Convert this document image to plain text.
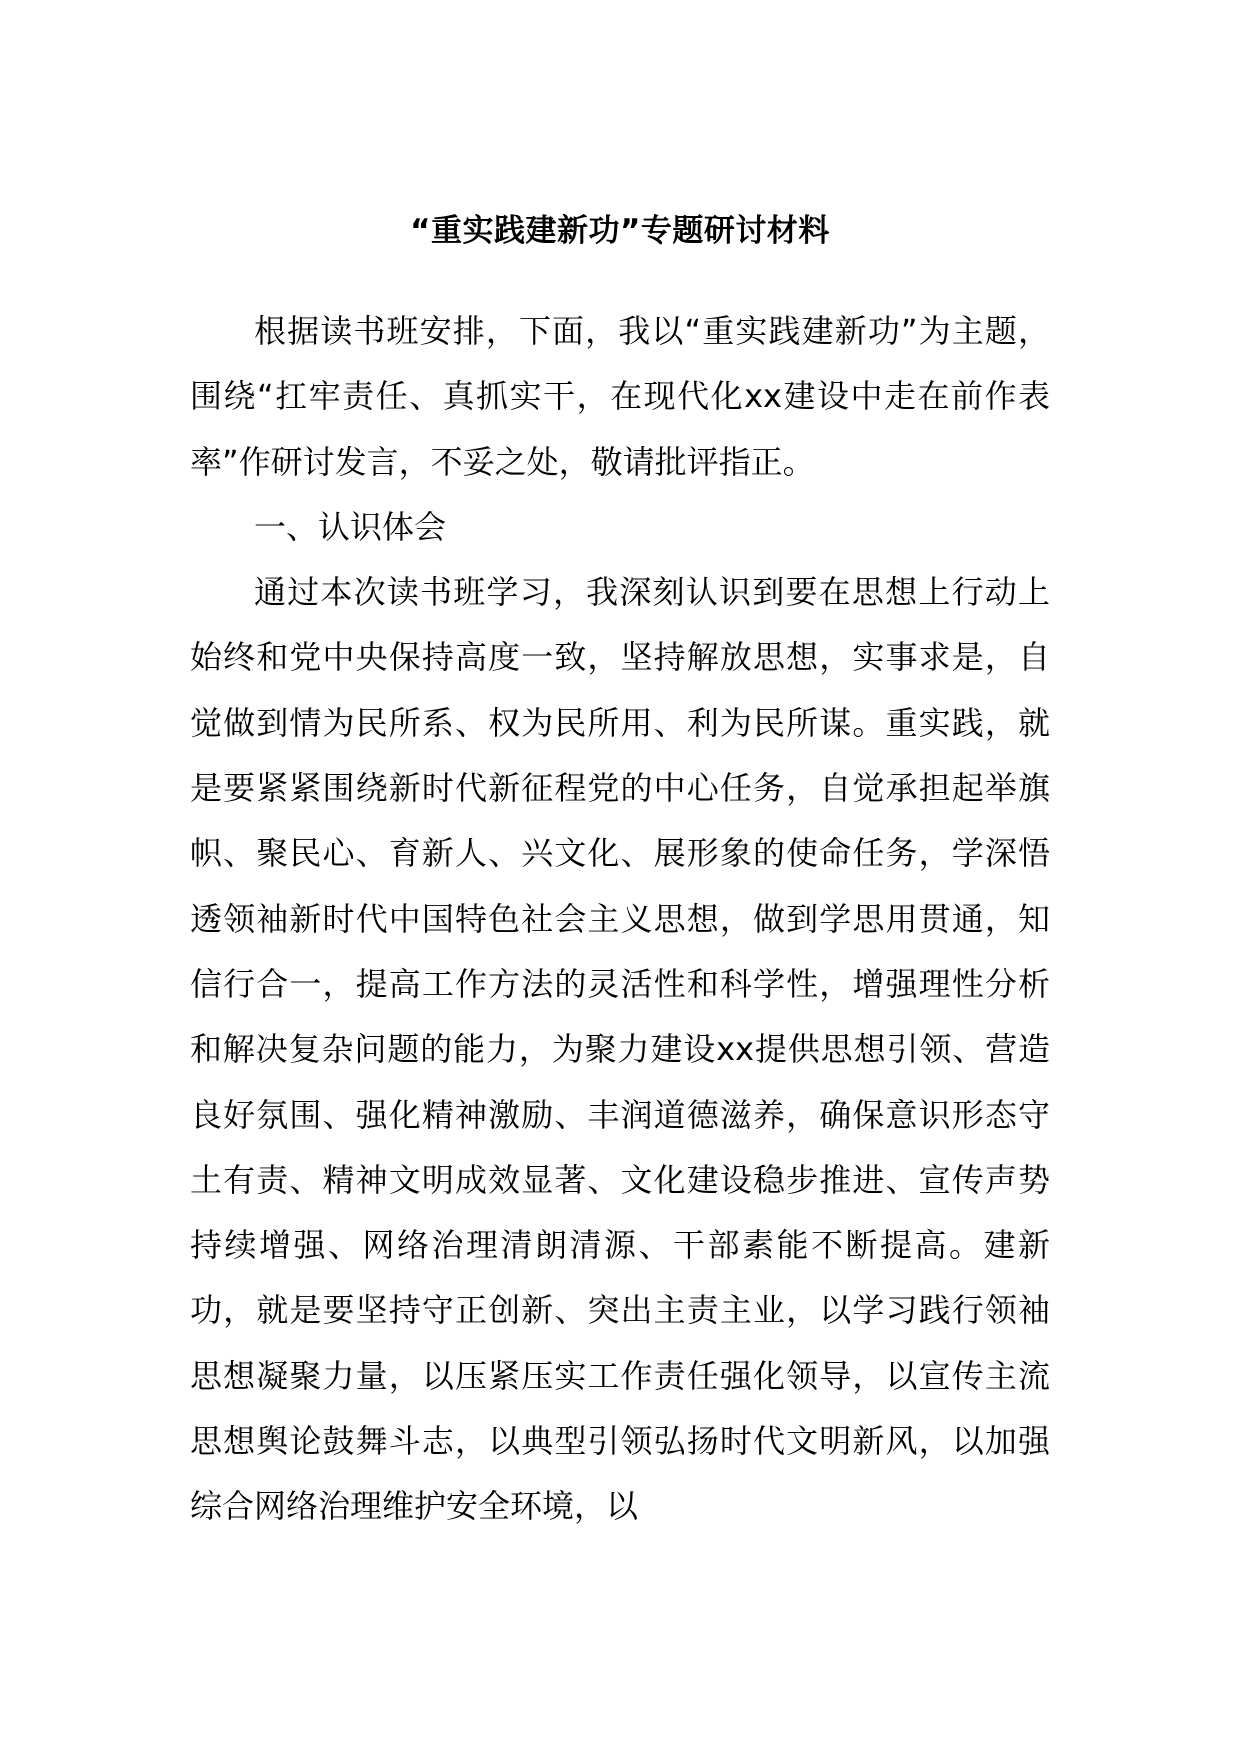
“重实践建新功”专题研讨材料

根据读书班安排，下面，我以“重实践建新功”为主题，围绕“扛牢责任、真抓实干，在现代化xx建设中走在前作表率”作研讨发言，不妥之处，敬请批评指正。

一、认识体会

通过本次读书班学习，我深刻认识到要在思想上行动上始终和党中央保持高度一致，坚持解放思想，实事求是，自觉做到情为民所系、权为民所用、利为民所谋。重实践，就是要紧紧围绕新时代新征程党的中心任务，自觉承担起举旗帜、聚民心、育新人、兴文化、展形象的使命任务，学深悟透领袖新时代中国特色社会主义思想，做到学思用贯通，知信行合一，提高工作方法的灵活性和科学性，增强理性分析和解决复杂问题的能力，为聚力建设xx提供思想引领、营造良好氛围、强化精神激励、丰润道德滋养，确保意识形态守土有责、精神文明成效显著、文化建设稳步推进、宣传声势持续增强、网络治理清朗清源、干部素能不断提高。建新功，就是要坚持守正创新、突出主责主业，以学习践行领袖思想凝聚力量，以压紧压实工作责任强化领导，以宣传主流思想舆论鼓舞斗志，以典型引领弘扬时代文明新风，以加强综合网络治理维护安全环境，以
